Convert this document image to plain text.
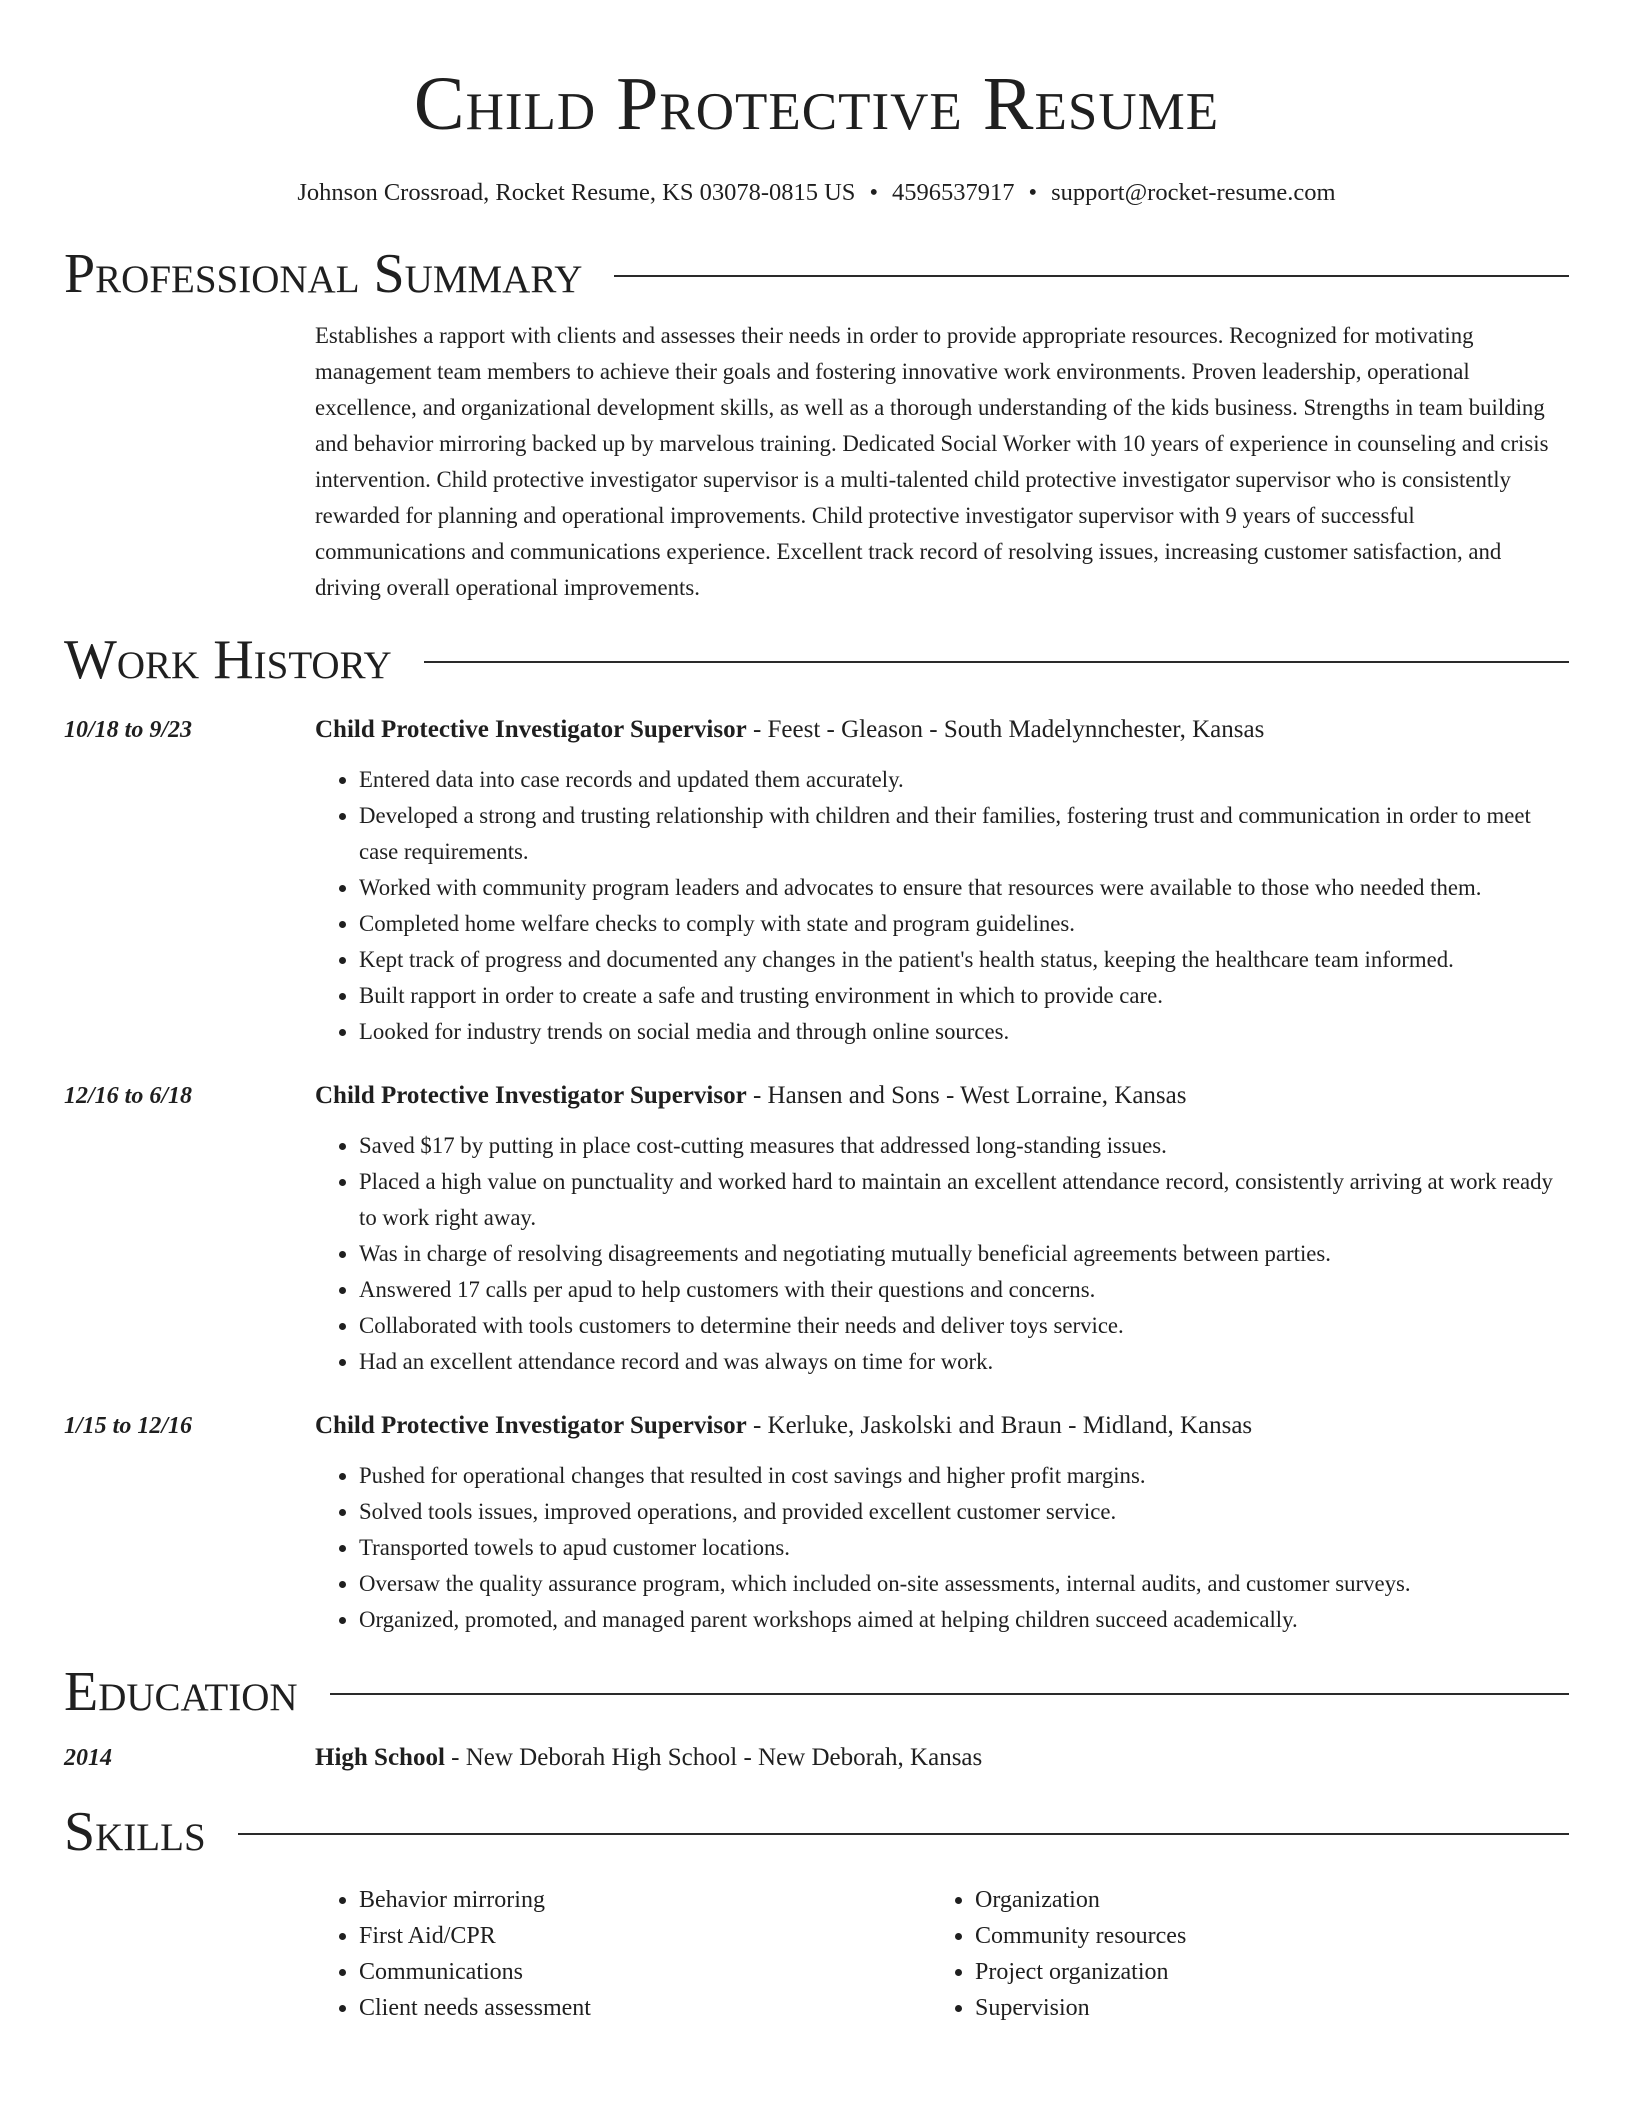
Child Protective Resume
Johnson Crossroad, Rocket Resume, KS 03078-0815 US • 4596537917 • support@rocket-resume.com
Professional Summary
Establishes a rapport with clients and assesses their needs in order to provide appropriate resources. Recognized for motivating management team members to achieve their goals and fostering innovative work environments. Proven leadership, operational excellence, and organizational development skills, as well as a thorough understanding of the kids business. Strengths in team building and behavior mirroring backed up by marvelous training. Dedicated Social Worker with 10 years of experience in counseling and crisis intervention. Child protective investigator supervisor is a multi-talented child protective investigator supervisor who is consistently rewarded for planning and operational improvements. Child protective investigator supervisor with 9 years of successful communications and communications experience. Excellent track record of resolving issues, increasing customer satisfaction, and driving overall operational improvements.
Work History
10/18 to 9/23	Child Protective Investigator Supervisor - Feest - Gleason - South Madelynnchester, Kansas
• Entered data into case records and updated them accurately.
• Developed a strong and trusting relationship with children and their families, fostering trust and communication in order to meet case requirements.
• Worked with community program leaders and advocates to ensure that resources were available to those who needed them.
• Completed home welfare checks to comply with state and program guidelines.
• Kept track of progress and documented any changes in the patient's health status, keeping the healthcare team informed.
• Built rapport in order to create a safe and trusting environment in which to provide care.
• Looked for industry trends on social media and through online sources.
12/16 to 6/18	Child Protective Investigator Supervisor - Hansen and Sons - West Lorraine, Kansas
• Saved $17 by putting in place cost-cutting measures that addressed long-standing issues.
• Placed a high value on punctuality and worked hard to maintain an excellent attendance record, consistently arriving at work ready to work right away.
• Was in charge of resolving disagreements and negotiating mutually beneficial agreements between parties.
• Answered 17 calls per apud to help customers with their questions and concerns.
• Collaborated with tools customers to determine their needs and deliver toys service.
• Had an excellent attendance record and was always on time for work.
1/15 to 12/16	Child Protective Investigator Supervisor - Kerluke, Jaskolski and Braun - Midland, Kansas
• Pushed for operational changes that resulted in cost savings and higher profit margins.
• Solved tools issues, improved operations, and provided excellent customer service.
• Transported towels to apud customer locations.
• Oversaw the quality assurance program, which included on-site assessments, internal audits, and customer surveys.
• Organized, promoted, and managed parent workshops aimed at helping children succeed academically.
Education
2014	High School - New Deborah High School - New Deborah, Kansas
Skills
• Behavior mirroring
• First Aid/CPR
• Communications
• Client needs assessment
• Organization
• Community resources
• Project organization
• Supervision
